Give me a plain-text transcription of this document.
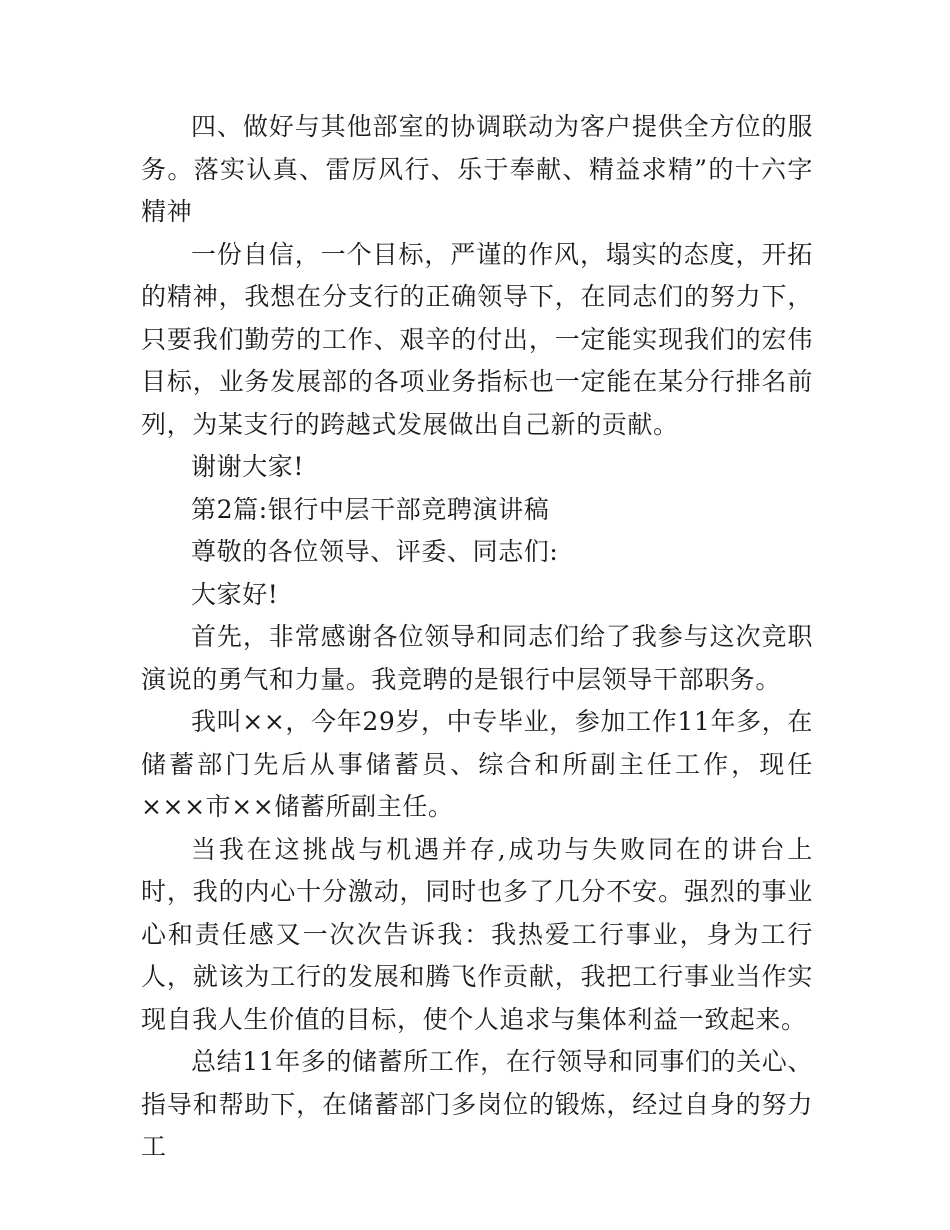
四、做好与其他部室的协调联动为客户提供全方位的服务。落实认真、雷厉风行、乐于奉献、精益求精”的十六字精神

一份自信，一个目标，严谨的作风，塌实的态度，开拓的精神，我想在分支行的正确领导下，在同志们的努力下，只要我们勤劳的工作、艰辛的付出，一定能实现我们的宏伟目标，业务发展部的各项业务指标也一定能在某分行排名前列，为某支行的跨越式发展做出自己新的贡献。

谢谢大家!

第2篇:银行中层干部竞聘演讲稿

尊敬的各位领导、评委、同志们:

大家好!

首先，非常感谢各位领导和同志们给了我参与这次竞职演说的勇气和力量。我竞聘的是银行中层领导干部职务。

我叫××，今年29岁，中专毕业，参加工作11年多，在储蓄部门先后从事储蓄员、综合和所副主任工作，现任×××市××储蓄所副主任。

当我在这挑战与机遇并存,成功与失败同在的讲台上时，我的内心十分激动，同时也多了几分不安。强烈的事业心和责任感又一次次告诉我：我热爱工行事业，身为工行人，就该为工行的发展和腾飞作贡献，我把工行事业当作实现自我人生价值的目标，使个人追求与集体利益一致起来。

总结11年多的储蓄所工作，在行领导和同事们的关心、指导和帮助下，在储蓄部门多岗位的锻炼，经过自身的努力工
